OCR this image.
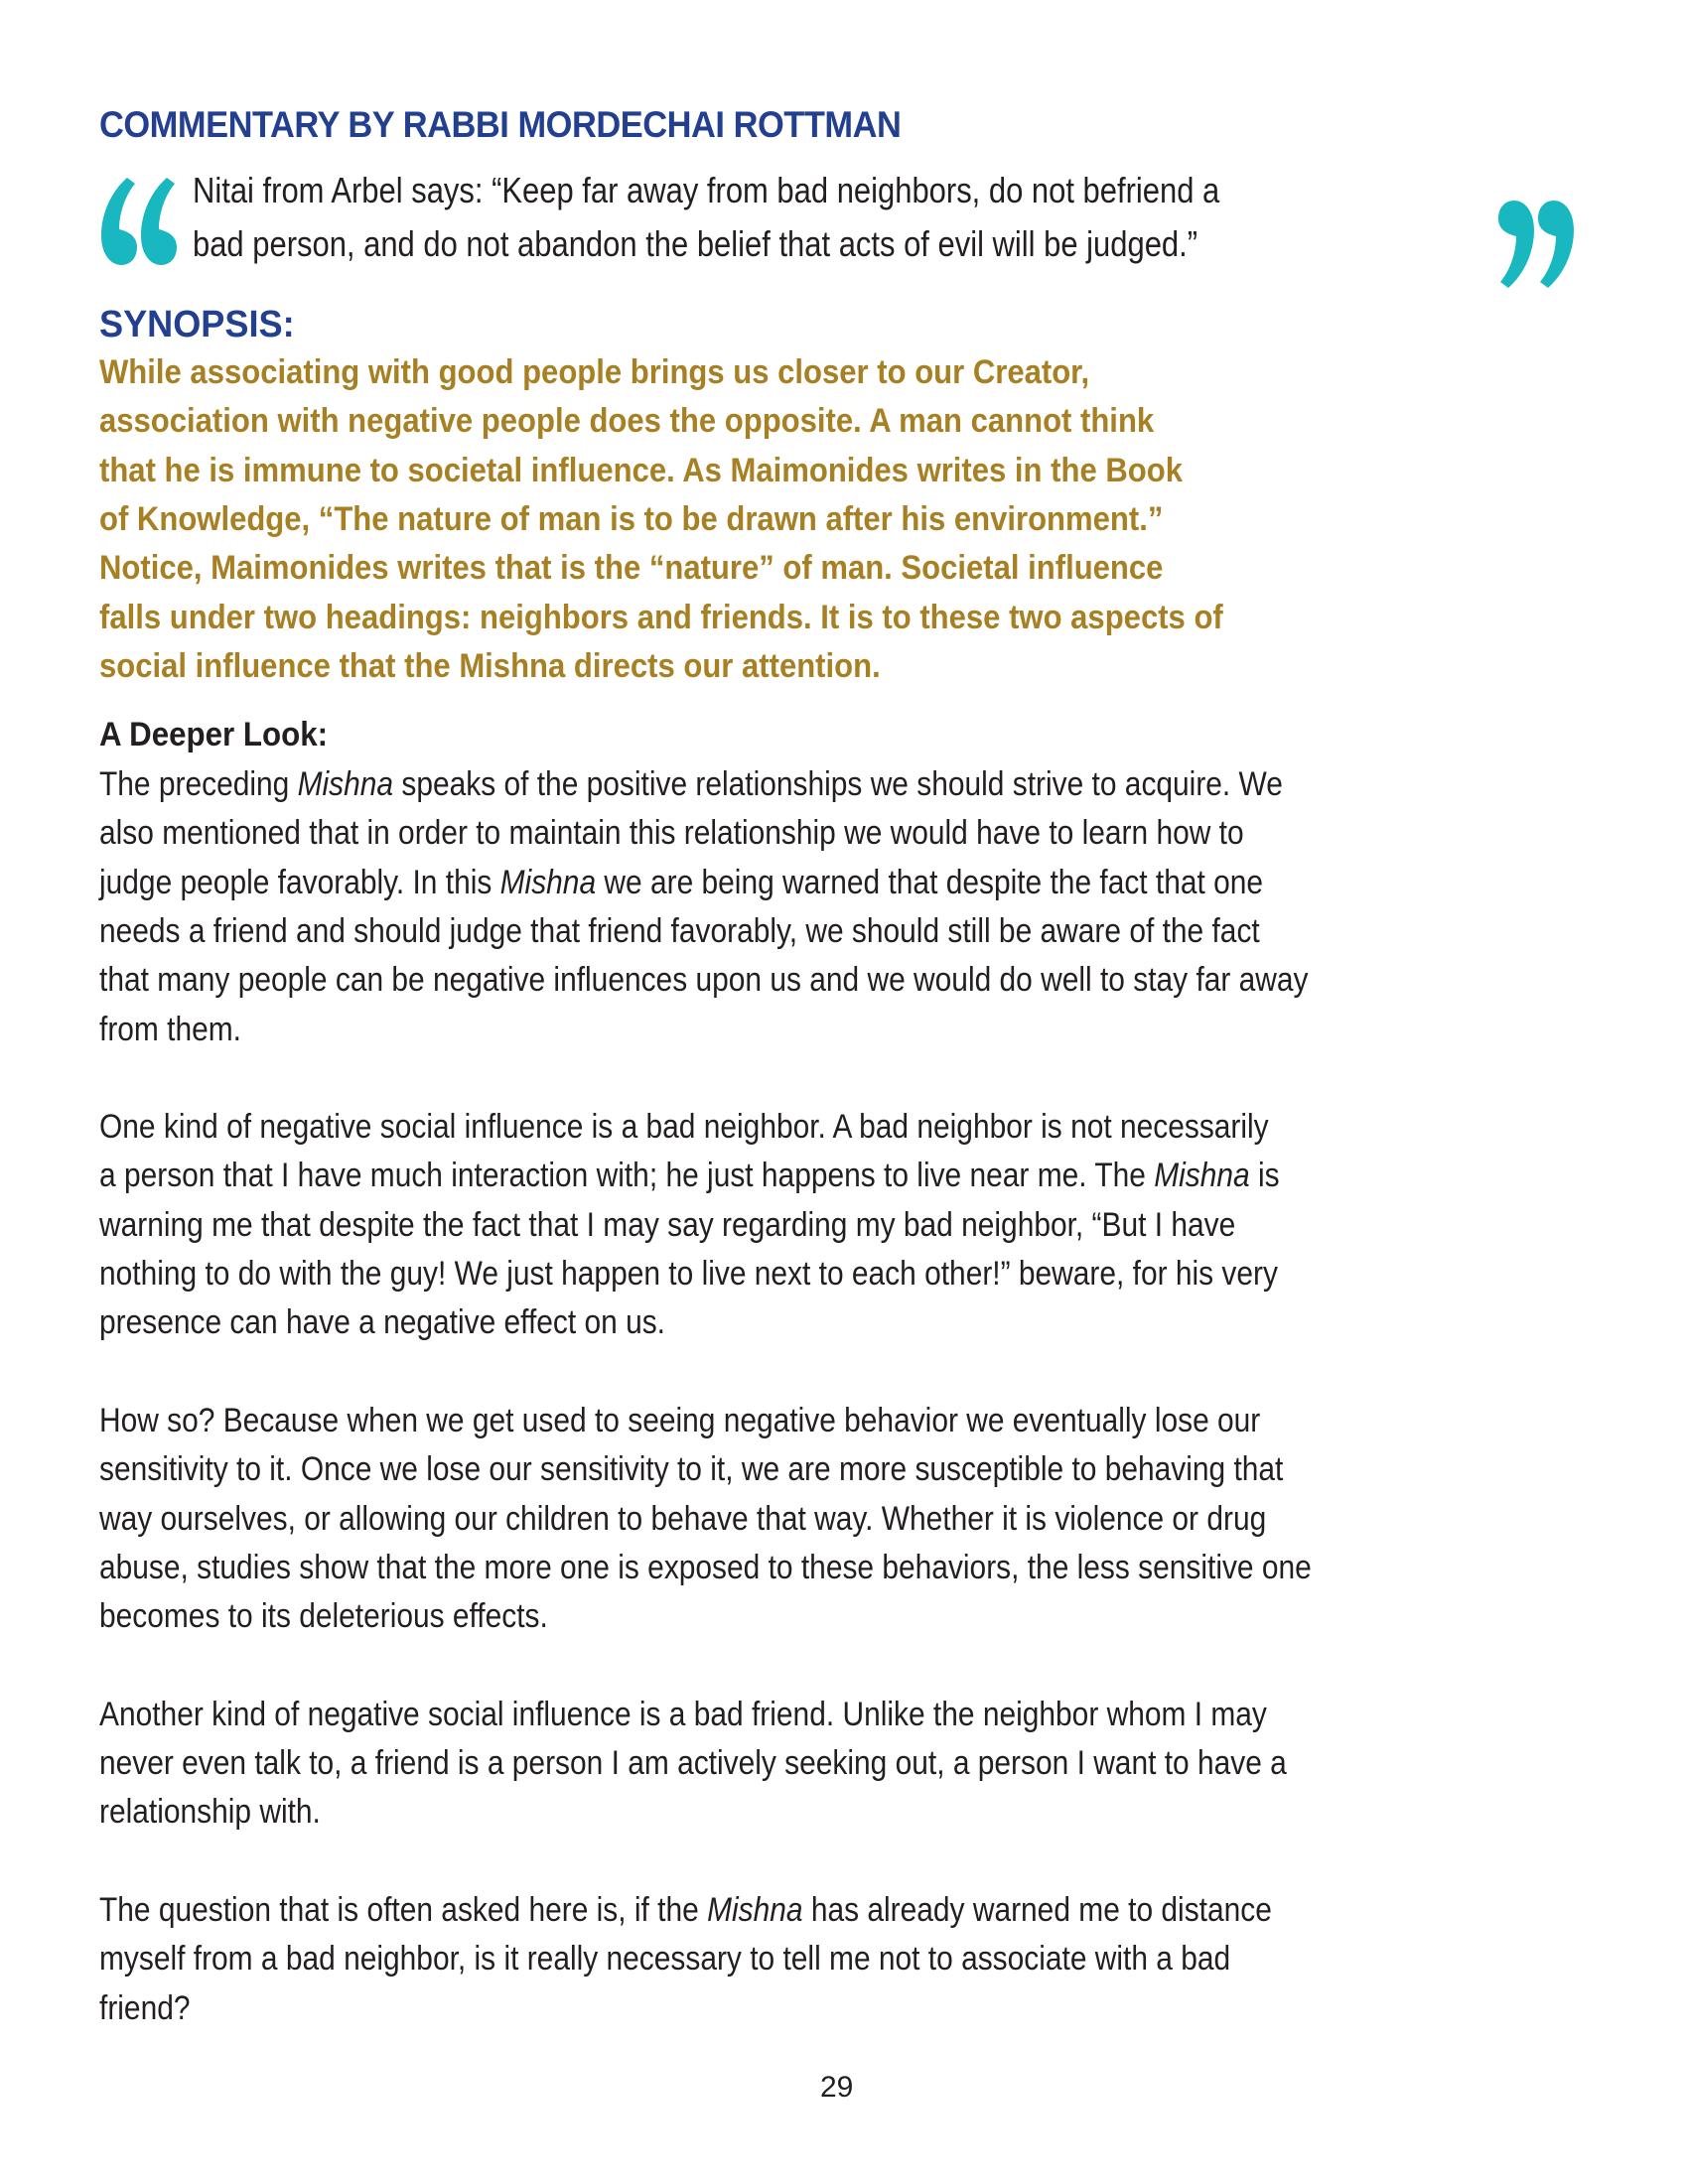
COMMENTARY BY RABBI MORDECHAI ROTTMAN
Nitai from Arbel says: “Keep far away from bad neighbors, do not befriend a
bad person, and do not abandon the belief that acts of evil will be judged.”
SYNOPSIS:
While associating with good people brings us closer to our Creator,
association with negative people does the opposite. A man cannot think
that he is immune to societal influence. As Maimonides writes in the Book
of Knowledge, “The nature of man is to be drawn after his environment.”
Notice, Maimonides writes that is the “nature” of man. Societal influence
falls under two headings: neighbors and friends. It is to these two aspects of
social influence that the Mishna directs our attention.
A Deeper Look:
The preceding Mishna speaks of the positive relationships we should strive to acquire. We
also mentioned that in order to maintain this relationship we would have to learn how to
judge people favorably. In this Mishna we are being warned that despite the fact that one
needs a friend and should judge that friend favorably, we should still be aware of the fact
that many people can be negative influences upon us and we would do well to stay far away
from them.
One kind of negative social influence is a bad neighbor. A bad neighbor is not necessarily
a person that I have much interaction with; he just happens to live near me. The Mishna is
warning me that despite the fact that I may say regarding my bad neighbor, “But I have
nothing to do with the guy! We just happen to live next to each other!” beware, for his very
presence can have a negative effect on us.
How so? Because when we get used to seeing negative behavior we eventually lose our
sensitivity to it. Once we lose our sensitivity to it, we are more susceptible to behaving that
way ourselves, or allowing our children to behave that way. Whether it is violence or drug
abuse, studies show that the more one is exposed to these behaviors, the less sensitive one
becomes to its deleterious effects.
Another kind of negative social influence is a bad friend. Unlike the neighbor whom I may
never even talk to, a friend is a person I am actively seeking out, a person I want to have a
relationship with.
The question that is often asked here is, if the Mishna has already warned me to distance
myself from a bad neighbor, is it really necessary to tell me not to associate with a bad
friend?
29
